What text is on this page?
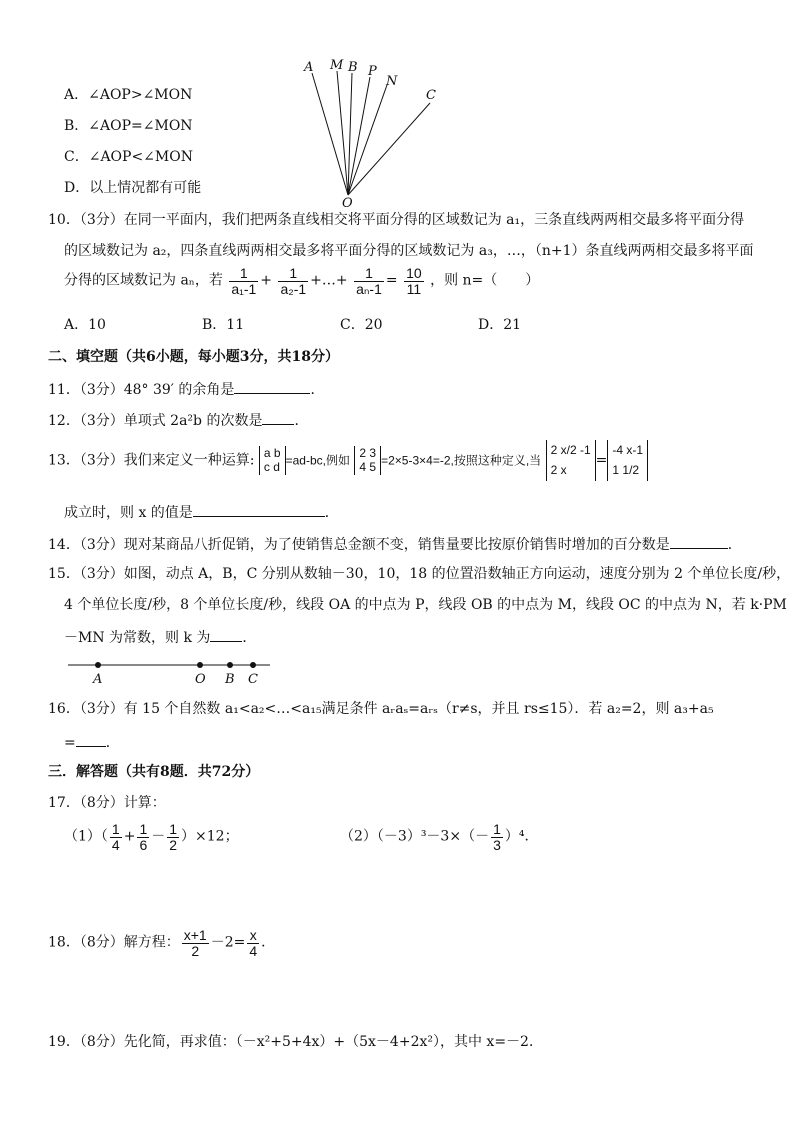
A．∠AOP>∠MON
B．∠AOP=∠MON
C．∠AOP<∠MON
D．以上情况都有可能
A M B P
N
C
O
10．（3分）在同一平面内，我们把两条直线相交将平面分得的区域数记为 a₁，三条直线两两相交最多将平面分得
的区域数记为 a₂，四条直线两两相交最多将平面分得的区域数记为 a₃，…，（n+1）条直线两两相交最多将平面
分得的区域数记为 aₙ，若 $\frac{1}{\text{a₁-1}} + \frac{1}{\text{a₂-1}}$ +…+ $\frac{1}{\text{aₙ-1}} = \frac{10}{11}$ ，则 n=（　　）
A．10	B．11	C．20	D．21
二、填空题（共6小题，每小题3分，共18分）
11．（3分）48° 39′ 的余角是	．
12．（3分）单项式 2a²b 的次数是 ．
13．（3分）我们来定义一种运算: a b
c d =ad-bc,例如
2 3
4 5 =2×5-3×4=-2,按照这种定义,当
2 x/2 -1
2 x
=
-4 x-1
1 1/2
成立时，则 x 的值是	．
14．（3分）现对某商品八折促销，为了使销售总金额不变，销售量要比按原价销售时增加的百分数是	．
15．（3分）如图，动点 A，B，C 分别从数轴－30，10，18 的位置沿数轴正方向运动，速度分别为 2 个单位长度/秒，
4 个单位长度/秒，8 个单位长度/秒，线段 OA 的中点为 P，线段 OB 的中点为 M，线段 OC 的中点为 N，若 k·PM
－MN 为常数，则 k 为 ．
A	O B C
16．（3分）有 15 个自然数 a₁<a₂<…<a₁₅满足条件 aᵣaₛ=aᵣₛ（r≠s，并且 rs≤15）．若 a₂=2，则 a₃+a₅
= ．
三．解答题（共有8题．共72分）
17．（8分）计算：
$(1)( \frac{1}{4} + \frac{1}{6} - \frac{1}{2} )\times 12$；	$(2)(-3)^3-3\times(- \frac{1}{3} )^4$．
18．（8分）解方程： $\frac{x+1}{2} -2= \frac{x}{4}$ ．
19．（8分）先化简，再求值：（－x²+5+4x）+（5x－4+2x²），其中 x=－2．
